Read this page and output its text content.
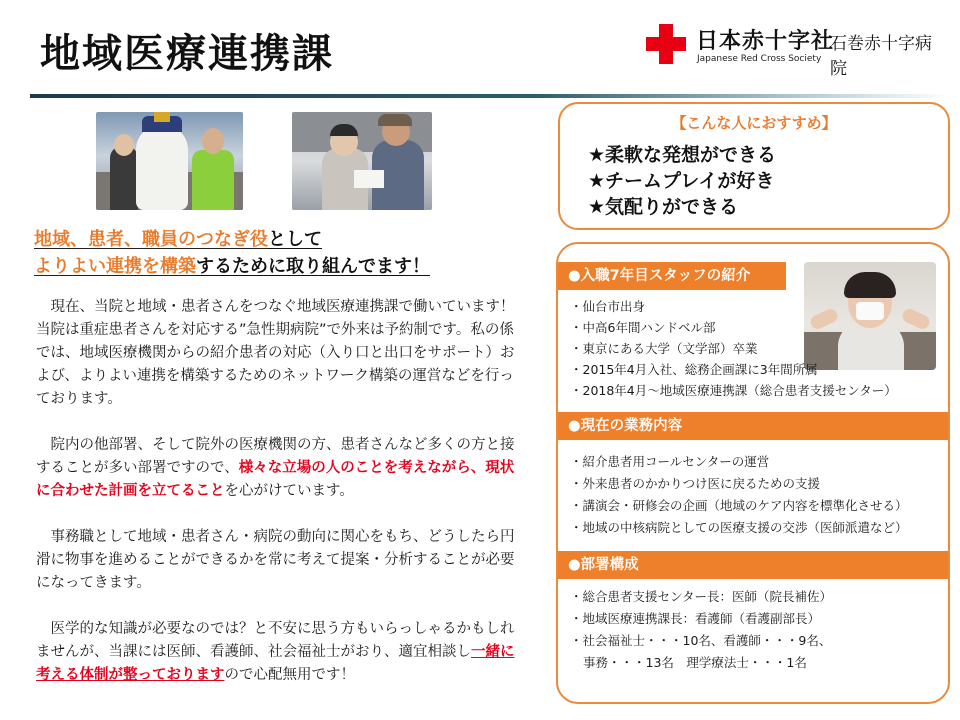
地域医療連携課	日本赤十字社
Japanese Red Cross Society
石巻赤十字病院
地域、患者、職員のつなぎ役として
よりよい連携を構築するために取り組んでます！

　現在、当院と地域・患者さんをつなぐ地域医療連携課で働いています！当院は重症患者さんを対応する”急性期病院”で外来は予約制です。私の係では、地域医療機関からの紹介患者の対応（入り口と出口をサポート）および、よりよい連携を構築するためのネットワーク構築の運営などを行っております。

　院内の他部署、そして院外の医療機関の方、患者さんなど多くの方と接することが多い部署ですので、様々な立場の人のことを考えながら、現状に合わせた計画を立てることを心がけています。

　事務職として地域・患者さん・病院の動向に関心をもち、どうしたら円滑に物事を進めることができるかを常に考えて提案・分析することが必要になってきます。

　医学的な知識が必要なのでは？と不安に思う方もいらっしゃるかもしれませんが、当課には医師、看護師、社会福祉士がおり、適宜相談し一緒に考える体制が整っておりますので心配無用です！

【こんな人におすすめ】
★柔軟な発想ができる
★チームプレイが好き
★気配りができる
●入職7年目スタッフの紹介
・仙台市出身
・中高6年間ハンドベル部
・東京にある大学（文学部）卒業
・2015年4月入社、総務企画課に3年間所属
・2018年4月～地域医療連携課（総合患者支援センター）
●現在の業務内容
・紹介患者用コールセンターの運営
・外来患者のかかりつけ医に戻るための支援
・講演会・研修会の企画（地域のケア内容を標準化させる）
・地域の中核病院としての医療支援の交渉（医師派遣など）
●部署構成
・総合患者支援センター長：医師（院長補佐）
・地域医療連携課長：看護師（看護副部長）
・社会福祉士・・・10名、看護師・・・9名、
事務・・・13名　理学療法士・・・1名
